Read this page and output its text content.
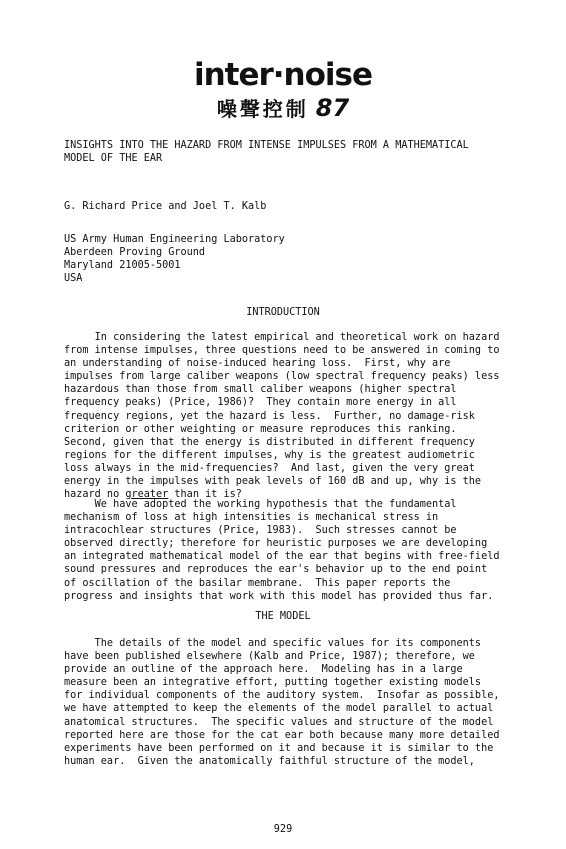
inter·noise
噪聲控制 87
INSIGHTS INTO THE HAZARD FROM INTENSE IMPULSES FROM A MATHEMATICAL
MODEL OF THE EAR
G. Richard Price and Joel T. Kalb
US Army Human Engineering Laboratory
Aberdeen Proving Ground
Maryland 21005-5001
USA
INTRODUCTION
In considering the latest empirical and theoretical work on hazard
from intense impulses, three questions need to be answered in coming to
an understanding of noise-induced hearing loss.  First, why are
impulses from large caliber weapons (low spectral frequency peaks) less
hazardous than those from small caliber weapons (higher spectral
frequency peaks) (Price, 1986)?  They contain more energy in all
frequency regions, yet the hazard is less.  Further, no damage-risk
criterion or other weighting or measure reproduces this ranking.
Second, given that the energy is distributed in different frequency
regions for the different impulses, why is the greatest audiometric
loss always in the mid-frequencies?  And last, given the very great
energy in the impulses with peak levels of 160 dB and up, why is the
hazard no greater than it is?
We have adopted the working hypothesis that the fundamental
mechanism of loss at high intensities is mechanical stress in
intracochlear structures (Price, 1983).  Such stresses cannot be
observed directly; therefore for heuristic purposes we are developing
an integrated mathematical model of the ear that begins with free-field
sound pressures and reproduces the ear's behavior up to the end point
of oscillation of the basilar membrane.  This paper reports the
progress and insights that work with this model has provided thus far.
THE MODEL
The details of the model and specific values for its components
have been published elsewhere (Kalb and Price, 1987); therefore, we
provide an outline of the approach here.  Modeling has in a large
measure been an integrative effort, putting together existing models
for individual components of the auditory system.  Insofar as possible,
we have attempted to keep the elements of the model parallel to actual
anatomical structures.  The specific values and structure of the model
reported here are those for the cat ear both because many more detailed
experiments have been performed on it and because it is similar to the
human ear.  Given the anatomically faithful structure of the model,
929
